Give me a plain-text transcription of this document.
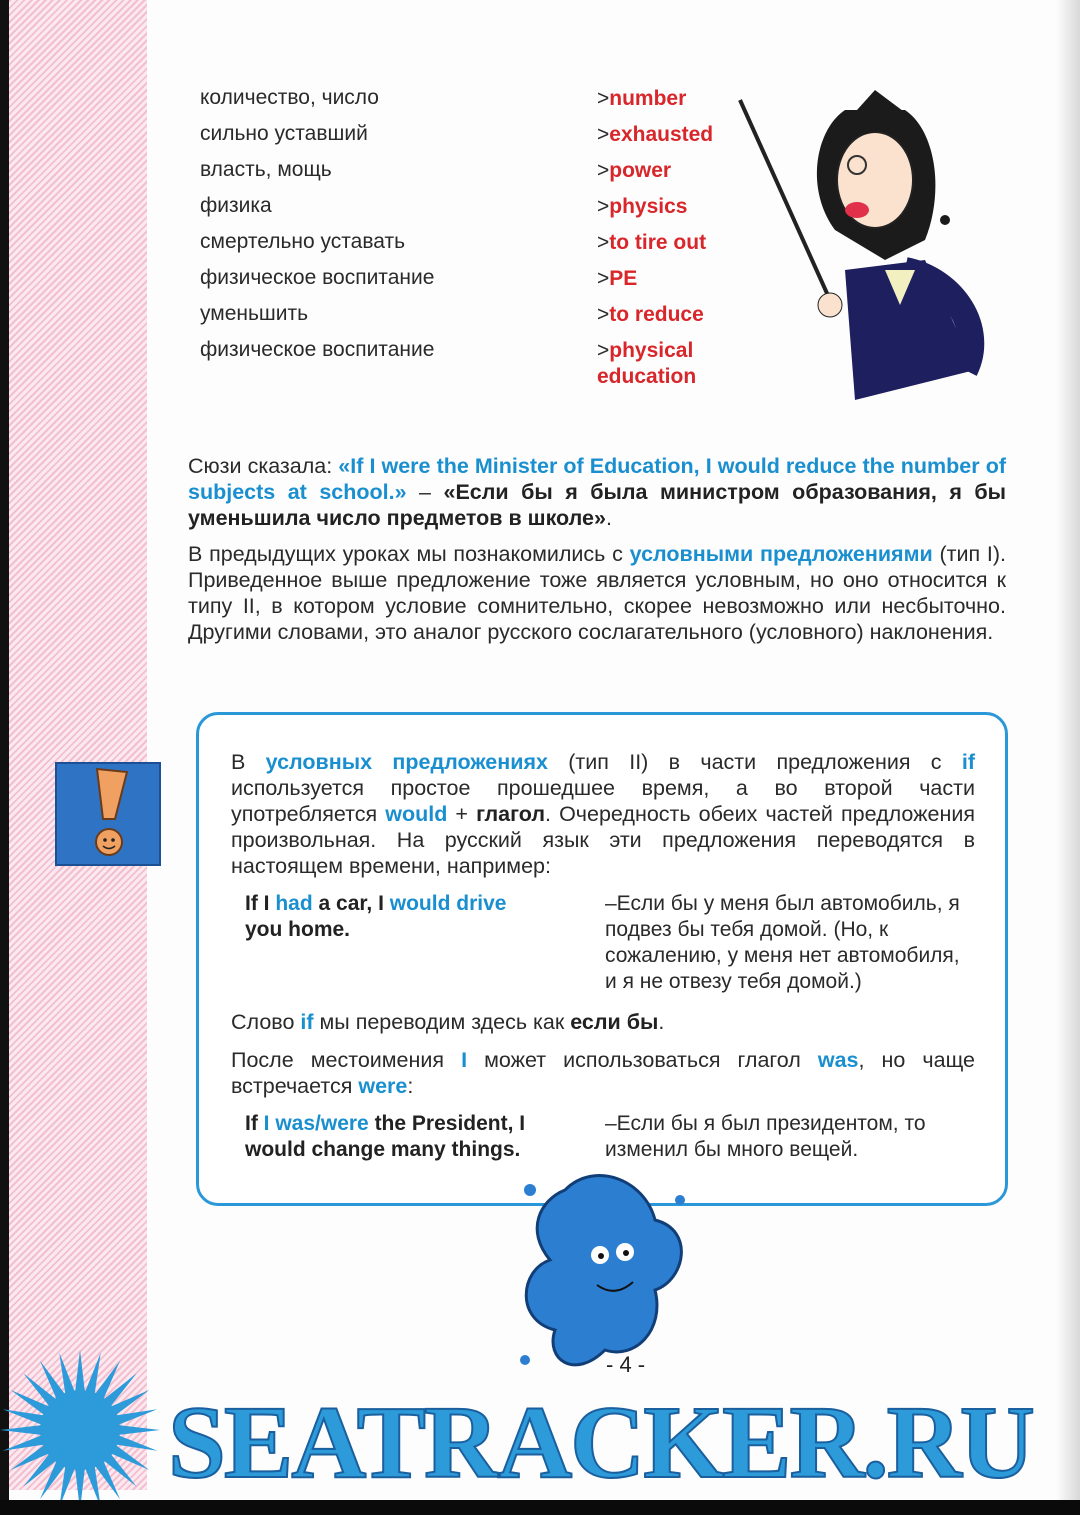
количество, число	>number
сильно уставший	>exhausted
власть, мощь	>power
физика	>physics
смертельно уставать	>to tire out
физическое воспитание	>PE
уменьшить	>to reduce
физическое воспитание	>physical education
Сюзи сказала: «If I were the Minister of Education, I would reduce the number of subjects at school.» – «Если бы я была министром образования, я бы уменьшила число предметов в школе».
В предыдущих уроках мы познакомились с условными предложениями (тип I). Приведенное выше предложение тоже является условным, но оно относится к типу II, в котором условие сомнительно, скорее невозможно или несбыточно. Другими словами, это аналог русского сослагательного (условного) наклонения.
В условных предложениях (тип II) в части предложения с if используется простое прошедшее время, а во второй части употребляется would + глагол. Очередность обеих частей предложения произвольная. На русский язык эти предложения переводятся в настоящем времени, например:
If I had a car, I would drive you home.
–Если бы у меня был автомобиль, я подвез бы тебя домой. (Но, к сожалению, у меня нет автомобиля, и я не отвезу тебя домой.)
Слово if мы переводим здесь как если бы.
После местоимения I может использоваться глагол was, но чаще встречается were:
If I was/were the President, I would change many things.
–Если бы я был президентом, то изменил бы много вещей.
SEATRACKER.RU
- 4 -
